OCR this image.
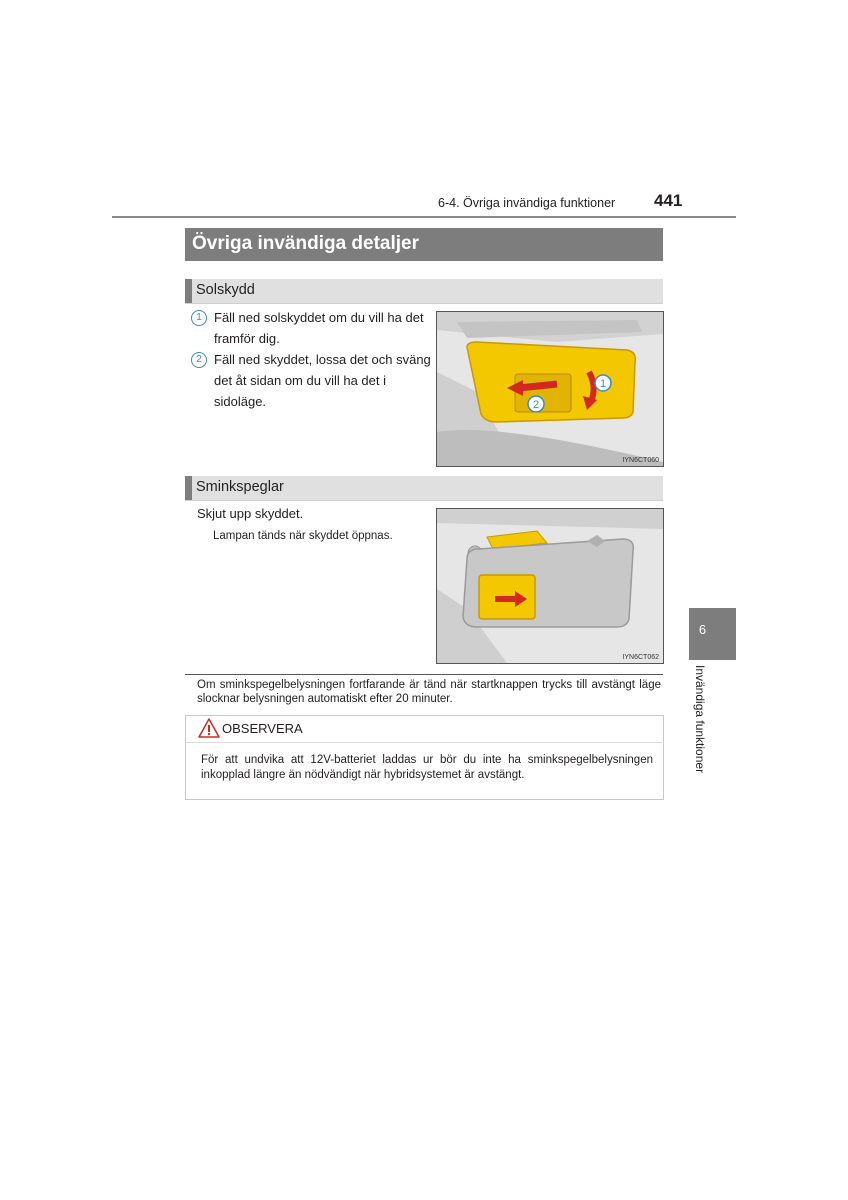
6-4. Övriga invändiga funktioner 441
Övriga invändiga detaljer
Solskydd
1 Fäll ned solskyddet om du vill ha det framför dig.
2 Fäll ned skyddet, lossa det och sväng det åt sidan om du vill ha det i sidoläge.
1
2
IYN6CT060
Sminkspeglar
Skjut upp skyddet.
Lampan tänds när skyddet öppnas.
IYN6CT062
Om sminkspegelbelysningen fortfarande är tänd när startknappen trycks till avstängt läge slocknar belysningen automatiskt efter 20 minuter.
OBSERVERA
För att undvika att 12V-batteriet laddas ur bör du inte ha sminkspegelbelysningen inkopplad längre än nödvändigt när hybridsystemet är avstängt.
6
Invändiga funktioner
